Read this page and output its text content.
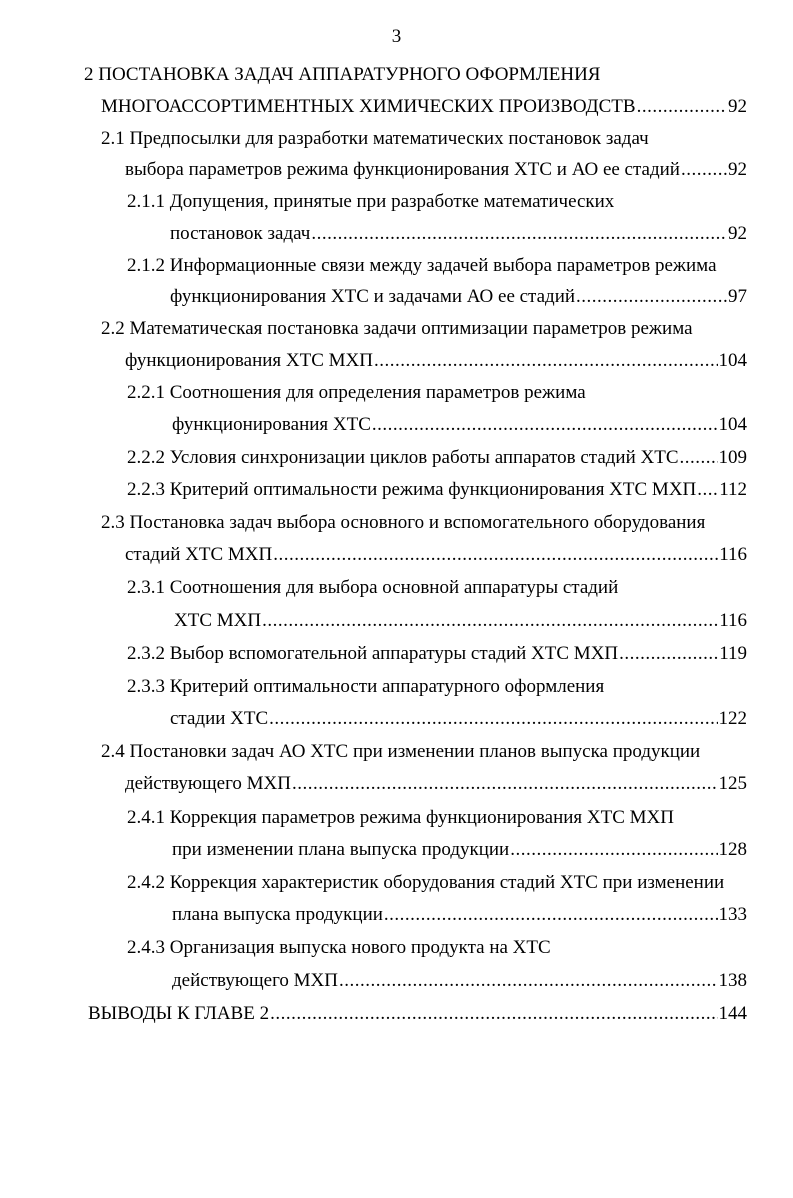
3
2 ПОСТАНОВКА ЗАДАЧ АППАРАТУРНОГО ОФОРМЛЕНИЯ
МНОГОАССОРТИМЕНТНЫХ ХИМИЧЕСКИХ ПРОИЗВОДСТВ .....	92
2.1 Предпосылки для разработки математических постановок задач
выбора параметров режима функционирования ХТС и АО ее стадий .....	92
2.1.1 Допущения, принятые при разработке математических
постановок задач .....	92
2.1.2 Информационные связи между задачей выбора параметров режима
функционирования ХТС и задачами АО ее стадий .....	97
2.2 Математическая постановка задачи оптимизации параметров режима
функционирования ХТС МХП .....	104
2.2.1 Соотношения для определения параметров режима
функционирования ХТС .....	104
2.2.2 Условия синхронизации циклов работы аппаратов стадий ХТС ..... 109
2.2.3 Критерий оптимальности режима функционирования ХТС МХП ..... 112
2.3 Постановка задач выбора основного и вспомогательного оборудования
стадий ХТС МХП .....	116
2.3.1 Соотношения для выбора основной аппаратуры стадий
ХТС МХП .....	116
2.3.2 Выбор вспомогательной аппаратуры стадий ХТС МХП .....	119
2.3.3 Критерий оптимальности аппаратурного оформления
стадии ХТС .....	122
2.4 Постановки задач АО ХТС при изменении планов выпуска продукции
действующего МХП .....	125
2.4.1 Коррекция параметров режима функционирования ХТС МХП
при изменении плана выпуска продукции .....	128
2.4.2 Коррекция характеристик оборудования стадий ХТС при изменении
плана выпуска продукции .....	133
2.4.3 Организация выпуска нового продукта на ХТС
действующего МХП .....	138
ВЫВОДЫ К ГЛАВЕ 2 .....	144
